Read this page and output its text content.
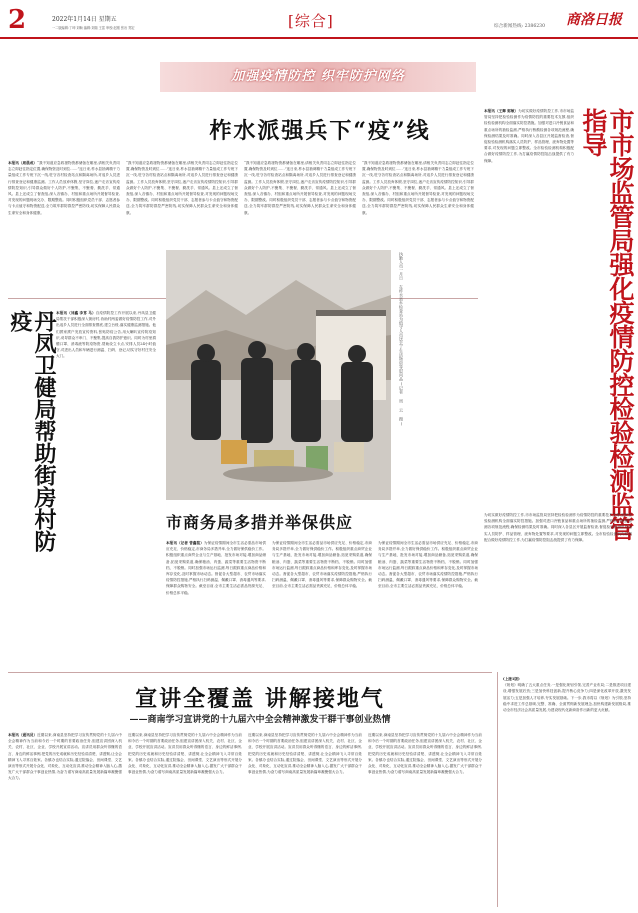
2	2022年1月14日 星期五
一二版编辑:丁坤 刘畅 编辑:刘瑞 王富 审校:赵刚 张岩 郑宏	[综合]	综合新闻热线: 2386230 商洛日报
加强疫情防控 织牢防护网络
柞水派强兵下“疫”线
本报讯（周晨成）“我不知道应急救援物资都储备在哪里,请相关负责同志立即赶往指定位置,确保物资及时到位……”连日来,柞水县抽调精干力量组成工作专班下沉一线,驻守各村检查站点和隔离场所,对返乡人员进行排查登记和健康监测。工作人员放弃休假,坚守岗位,逐户走访宣传疫情防控知识,引导群众做好个人防护,不聚集、不聚餐、勤洗手、常通风。县上还成立了督查组,深入各镇办、村组和重点场所开展督导检查,对发现的问题现场交办、限期整改。同时积极组织党员干部、志愿者参与卡点值守和物资配送,全力筑牢群防群控严密防线,切实保障人民群众生命安全和身体健康。
“我不知道应急救援物资都储备在哪里,请相关负责同志立即赶往指定位置,确保物资及时到位……”连日来,柞水县抽调精干力量组成工作专班下沉一线,驻守各村检查站点和隔离场所,对返乡人员进行排查登记和健康监测。工作人员放弃休假,坚守岗位,逐户走访宣传疫情防控知识,引导群众做好个人防护,不聚集、不聚餐、勤洗手、常通风。县上还成立了督查组,深入各镇办、村组和重点场所开展督导检查,对发现的问题现场交办、限期整改。同时积极组织党员干部、志愿者参与卡点值守和物资配送,全力筑牢群防群控严密防线,切实保障人民群众生命安全和身体健康。
“我不知道应急救援物资都储备在哪里,请相关负责同志立即赶往指定位置,确保物资及时到位……”连日来,柞水县抽调精干力量组成工作专班下沉一线,驻守各村检查站点和隔离场所,对返乡人员进行排查登记和健康监测。工作人员放弃休假,坚守岗位,逐户走访宣传疫情防控知识,引导群众做好个人防护,不聚集、不聚餐、勤洗手、常通风。县上还成立了督查组,深入各镇办、村组和重点场所开展督导检查,对发现的问题现场交办、限期整改。同时积极组织党员干部、志愿者参与卡点值守和物资配送,全力筑牢群防群控严密防线,切实保障人民群众生命安全和身体健康。
“我不知道应急救援物资都储备在哪里,请相关负责同志立即赶往指定位置,确保物资及时到位……”连日来,柞水县抽调精干力量组成工作专班下沉一线,驻守各村检查站点和隔离场所,对返乡人员进行排查登记和健康监测。工作人员放弃休假,坚守岗位,逐户走访宣传疫情防控知识,引导群众做好个人防护,不聚集、不聚餐、勤洗手、常通风。县上还成立了督查组,深入各镇办、村组和重点场所开展督导检查,对发现的问题现场交办、限期整改。同时积极组织党员干部、志愿者参与卡点值守和物资配送,全力筑牢群防群控严密防线,切实保障人民群众生命安全和身体健康。	市市场监管局强化疫情防控检验检测监管指导
本报讯（王卿 郭敏）为切实做好疫情防控工作,市市场监管局坚持把检验检测作为疫情防控的重要技术支撑,组织检验检测机构全面落实防控措施。加强对进口冷链食品和重点场所的抽检监测,严格执行核酸检测各项规范流程,确保检测结果及时准确。同时深入各县区开展监督检查,督促检验检测机构落实人员防护、样品管理、废弃物处置等要求,对发现的问题立即整改。全市检验检测机构积极配合做好疫情防控工作,为打赢疫情防控阻击战提供了有力保障。
丹凤卫健局帮助街房村防疫	本报讯（刘鑫 李茸 马）自疫情防控工作开展以来,丹凤县卫健局帮扶干部积极深入街房村,协助村两委做好疫情防控工作,对外出返乡人员进行全面排查摸底,建立台账,落实健康监测措施。他们挨家挨户发放宣传资料,张贴防疫公告,用大喇叭宣传防疫知识,劝导群众不串门、不聚集,提高自我防护意识。同时为村里捐赠口罩、消毒液等防疫物资,帮助设立卡点,安排人员24小时值守,对进出人员和车辆进行测温、扫码、登记,切实守好村庄安全大门。	执勤人员一月日 在柞水县乡检查站为值守人员送去了生活物资等慰问品(记者 周 云 摄)
市商务局多措并举保供应
本报讯（记者 曾鑫铭）为保证疫情期间全市生活必需品市场供应充足、价格稳定,市商务局多措并举,全力做好保供稳价工作。积极组织重点商贸企业与生产基地、批发市场对接,增加商品储备,拓宽采购渠道,确保粮油、肉蛋、蔬菜等重要生活物资不断档、不脱销。同时加强市场运行监测,每日跟踪重点商品价格和库存变化,及时掌握市场动态。督促各大型超市、农贸市场落实疫情防控措施,严格执行扫码测温、佩戴口罩、消毒通风等要求,保障群众购物安全。截至目前,全市主要生活必需品货源充足、价格总体平稳。
为保证疫情期间全市生活必需品市场供应充足、价格稳定,市商务局多措并举,全力做好保供稳价工作。积极组织重点商贸企业与生产基地、批发市场对接,增加商品储备,拓宽采购渠道,确保粮油、肉蛋、蔬菜等重要生活物资不断档、不脱销。同时加强市场运行监测,每日跟踪重点商品价格和库存变化,及时掌握市场动态。督促各大型超市、农贸市场落实疫情防控措施,严格执行扫码测温、佩戴口罩、消毒通风等要求,保障群众购物安全。截至目前,全市主要生活必需品货源充足、价格总体平稳。
为保证疫情期间全市生活必需品市场供应充足、价格稳定,市商务局多措并举,全力做好保供稳价工作。积极组织重点商贸企业与生产基地、批发市场对接,增加商品储备,拓宽采购渠道,确保粮油、肉蛋、蔬菜等重要生活物资不断档、不脱销。同时加强市场运行监测,每日跟踪重点商品价格和库存变化,及时掌握市场动态。督促各大型超市、农贸市场落实疫情防控措施,严格执行扫码测温、佩戴口罩、消毒通风等要求,保障群众购物安全。截至目前,全市主要生活必需品货源充足、价格总体平稳。
为切实做好疫情防控工作,市市场监管局坚持把检验检测作为疫情防控的重要技术支撑,组织检验检测机构全面落实防控措施。加强对进口冷链食品和重点场所的抽检监测,严格执行核酸检测各项规范流程,确保检测结果及时准确。同时深入各县区开展监督检查,督促检验检测机构落实人员防护、样品管理、废弃物处置等要求,对发现的问题立即整改。全市检验检测机构积极配合做好疫情防控工作,为打赢疫情防控阻击战提供了有力保障。
宣讲全覆盖 讲解接地气
——商南学习宣讲党的十九届六中全会精神激发干群干事创业热情
本报讯（通讯员）近期以来,商南县坚持把学习宣传贯彻党的十九届六中全会精神作为当前和今后一个时期的首要政治任务,组建宣讲团深入机关、农村、社区、企业、学校开展宣讲活动。宣讲员用群众听得懂的语言、身边的鲜活事例,把党的历史成就和历史经验讲清楚、讲透彻,让全会精神飞入寻常百姓家。各镇办也结合实际,通过院落会、田间课堂、文艺演出等形式开展分众化、对象化、互动化宣讲,推动全会精神入脑入心,激发广大干部群众干事创业热情,为奋力谱写商南高质量发展新篇章凝聚强大合力。
近期以来,商南县坚持把学习宣传贯彻党的十九届六中全会精神作为当前和今后一个时期的首要政治任务,组建宣讲团深入机关、农村、社区、企业、学校开展宣讲活动。宣讲员用群众听得懂的语言、身边的鲜活事例,把党的历史成就和历史经验讲清楚、讲透彻,让全会精神飞入寻常百姓家。各镇办也结合实际,通过院落会、田间课堂、文艺演出等形式开展分众化、对象化、互动化宣讲,推动全会精神入脑入心,激发广大干部群众干事创业热情,为奋力谱写商南高质量发展新篇章凝聚强大合力。
近期以来,商南县坚持把学习宣传贯彻党的十九届六中全会精神作为当前和今后一个时期的首要政治任务,组建宣讲团深入机关、农村、社区、企业、学校开展宣讲活动。宣讲员用群众听得懂的语言、身边的鲜活事例,把党的历史成就和历史经验讲清楚、讲透彻,让全会精神飞入寻常百姓家。各镇办也结合实际,通过院落会、田间课堂、文艺演出等形式开展分众化、对象化、互动化宣讲,推动全会精神入脑入心,激发广大干部群众干事创业热情,为奋力谱写商南高质量发展新篇章凝聚强大合力。
近期以来,商南县坚持把学习宣传贯彻党的十九届六中全会精神作为当前和今后一个时期的首要政治任务,组建宣讲团深入机关、农村、社区、企业、学校开展宣讲活动。宣讲员用群众听得懂的语言、身边的鲜活事例,把党的历史成就和历史经验讲清楚、讲透彻,让全会精神飞入寻常百姓家。各镇办也结合实际,通过院落会、田间课堂、文艺演出等形式开展分众化、对象化、互动化宣讲,推动全会精神入脑入心,激发广大干部群众干事创业热情,为奋力谱写商南高质量发展新篇章凝聚强大合力。
(上接1版)
《规划》明确了五大重点任务,一是强化规划引领,完善产业布局;二是推进项目建设,增强发展后劲;三是加快科技创新,提升核心竞争力;四是深化改革开放,激发发展活力;五是加强人才培养,夯实发展基础。下一步,我市将以《规划》为引领,坚持稳中求进工作总基调,完整、准确、全面贯彻新发展理念,加快构建新发展格局,推动全市经济社会高质量发展,为建设现代化新商洛作出新的更大贡献。
